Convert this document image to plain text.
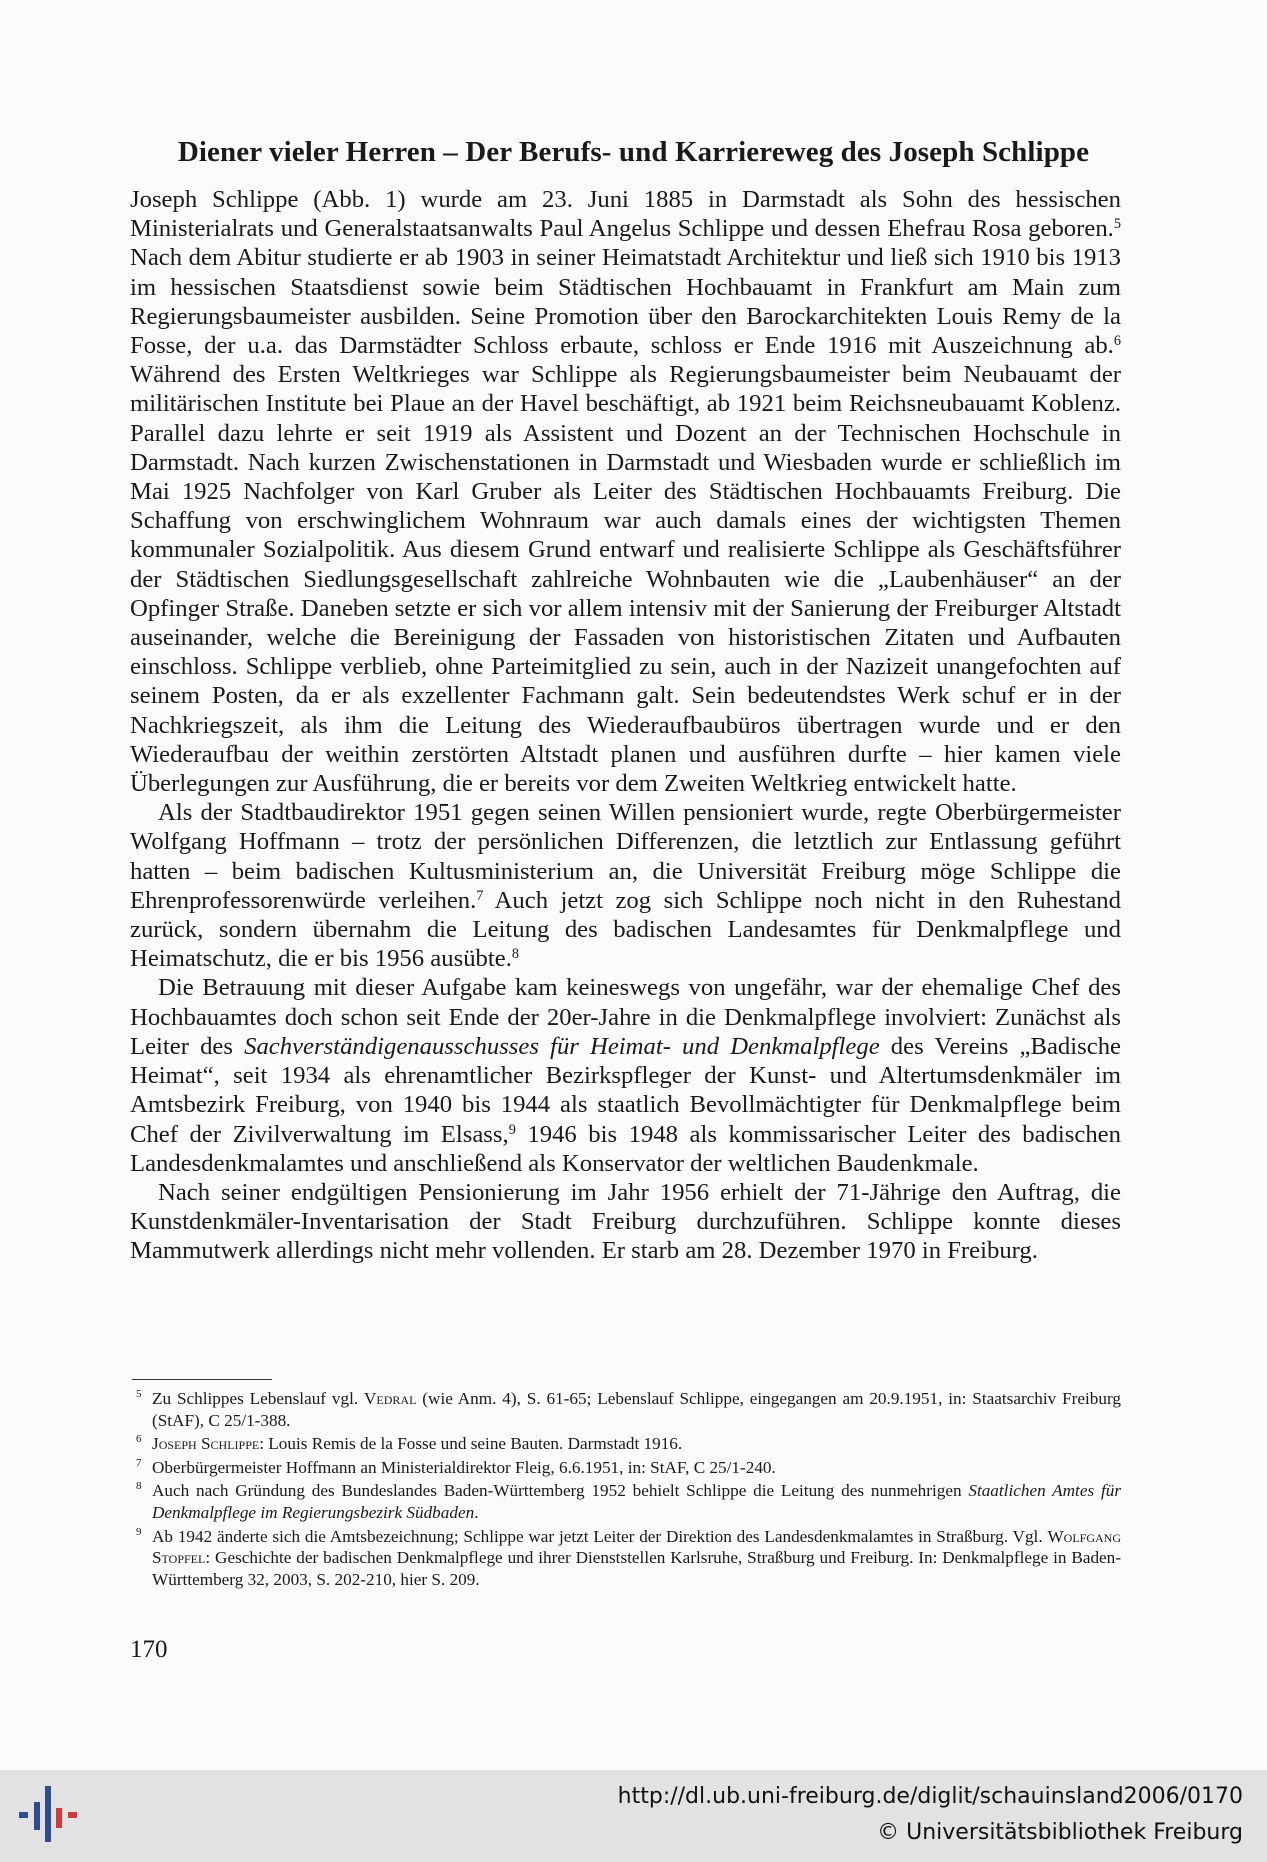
Diener vieler Herren – Der Berufs- und Karriereweg des Joseph Schlippe

Joseph Schlippe (Abb. 1) wurde am 23. Juni 1885 in Darmstadt als Sohn des hessischen Ministerialrats und Generalstaatsanwalts Paul Angelus Schlippe und dessen Ehefrau Rosa geboren.$^5$ Nach dem Abitur studierte er ab 1903 in seiner Heimatstadt Architektur und ließ sich 1910 bis 1913 im hessischen Staatsdienst sowie beim Städtischen Hochbauamt in Frankfurt am Main zum Regierungsbaumeister ausbilden. Seine Promotion über den Barockarchitekten Louis Remy de la Fosse, der u.a. das Darmstädter Schloss erbaute, schloss er Ende 1916 mit Auszeichnung ab.$^6$ Während des Ersten Weltkrieges war Schlippe als Regierungsbaumeister beim Neubauamt der militärischen Institute bei Plaue an der Havel beschäftigt, ab 1921 beim Reichsneubauamt Koblenz. Parallel dazu lehrte er seit 1919 als Assistent und Dozent an der Technischen Hochschule in Darmstadt. Nach kurzen Zwischenstationen in Darmstadt und Wiesbaden wurde er schließlich im Mai 1925 Nachfolger von Karl Gruber als Leiter des Städtischen Hochbauamts Freiburg. Die Schaffung von erschwinglichem Wohnraum war auch damals eines der wichtigsten Themen kommunaler Sozialpolitik. Aus diesem Grund entwarf und realisierte Schlippe als Geschäftsführer der Städtischen Siedlungsgesellschaft zahlreiche Wohnbauten wie die „Laubenhäuser“ an der Opfinger Straße. Daneben setzte er sich vor allem intensiv mit der Sanierung der Freiburger Altstadt auseinander, welche die Bereinigung der Fassaden von historistischen Zitaten und Aufbauten einschloss. Schlippe verblieb, ohne Parteimitglied zu sein, auch in der Nazizeit unangefochten auf seinem Posten, da er als exzellenter Fachmann galt. Sein bedeutendstes Werk schuf er in der Nachkriegszeit, als ihm die Leitung des Wiederaufbaubüros übertragen wurde und er den Wiederaufbau der weithin zerstörten Altstadt planen und ausführen durfte – hier kamen viele Überlegungen zur Ausführung, die er bereits vor dem Zweiten Weltkrieg entwickelt hatte.

Als der Stadtbaudirektor 1951 gegen seinen Willen pensioniert wurde, regte Oberbürgermeister Wolfgang Hoffmann – trotz der persönlichen Differenzen, die letztlich zur Entlassung geführt hatten – beim badischen Kultusministerium an, die Universität Freiburg möge Schlippe die Ehrenprofessorenwürde verleihen.$^7$ Auch jetzt zog sich Schlippe noch nicht in den Ruhestand zurück, sondern übernahm die Leitung des badischen Landesamtes für Denkmalpflege und Heimatschutz, die er bis 1956 ausübte.$^8$

Die Betrauung mit dieser Aufgabe kam keineswegs von ungefähr, war der ehemalige Chef des Hochbauamtes doch schon seit Ende der 20er-Jahre in die Denkmalpflege involviert: Zunächst als Leiter des Sachverständigenausschusses für Heimat- und Denkmalpflege des Vereins „Badische Heimat“, seit 1934 als ehrenamtlicher Bezirkspfleger der Kunst- und Altertumsdenkmäler im Amtsbezirk Freiburg, von 1940 bis 1944 als staatlich Bevollmächtigter für Denkmalpflege beim Chef der Zivilverwaltung im Elsass,$^9$ 1946 bis 1948 als kommissarischer Leiter des badischen Landesdenkmalamtes und anschließend als Konservator der weltlichen Baudenkmale.

Nach seiner endgültigen Pensionierung im Jahr 1956 erhielt der 71-Jährige den Auftrag, die Kunstdenkmäler-Inventarisation der Stadt Freiburg durchzuführen. Schlippe konnte dieses Mammutwerk allerdings nicht mehr vollenden. Er starb am 28. Dezember 1970 in Freiburg.

5 Zu Schlippes Lebenslauf vgl. Vedral (wie Anm. 4), S. 61-65; Lebenslauf Schlippe, eingegangen am 20.9.1951, in: Staatsarchiv Freiburg (StAF), C 25/1-388.
6 Joseph Schlippe: Louis Remis de la Fosse und seine Bauten. Darmstadt 1916.
7 Oberbürgermeister Hoffmann an Ministerialdirektor Fleig, 6.6.1951, in: StAF, C 25/1-240.
8 Auch nach Gründung des Bundeslandes Baden-Württemberg 1952 behielt Schlippe die Leitung des nunmehrigen Staatlichen Amtes für Denkmalpflege im Regierungsbezirk Südbaden.
9 Ab 1942 änderte sich die Amtsbezeichnung; Schlippe war jetzt Leiter der Direktion des Landesdenkmalamtes in Straßburg. Vgl. Wolfgang Stopfel: Geschichte der badischen Denkmalpflege und ihrer Dienststellen Karlsruhe, Straßburg und Freiburg. In: Denkmalpflege in Baden-Württemberg 32, 2003, S. 202-210, hier S. 209.
170
http://dl.ub.uni-freiburg.de/diglit/schauinsland2006/0170
© Universitätsbibliothek Freiburg
